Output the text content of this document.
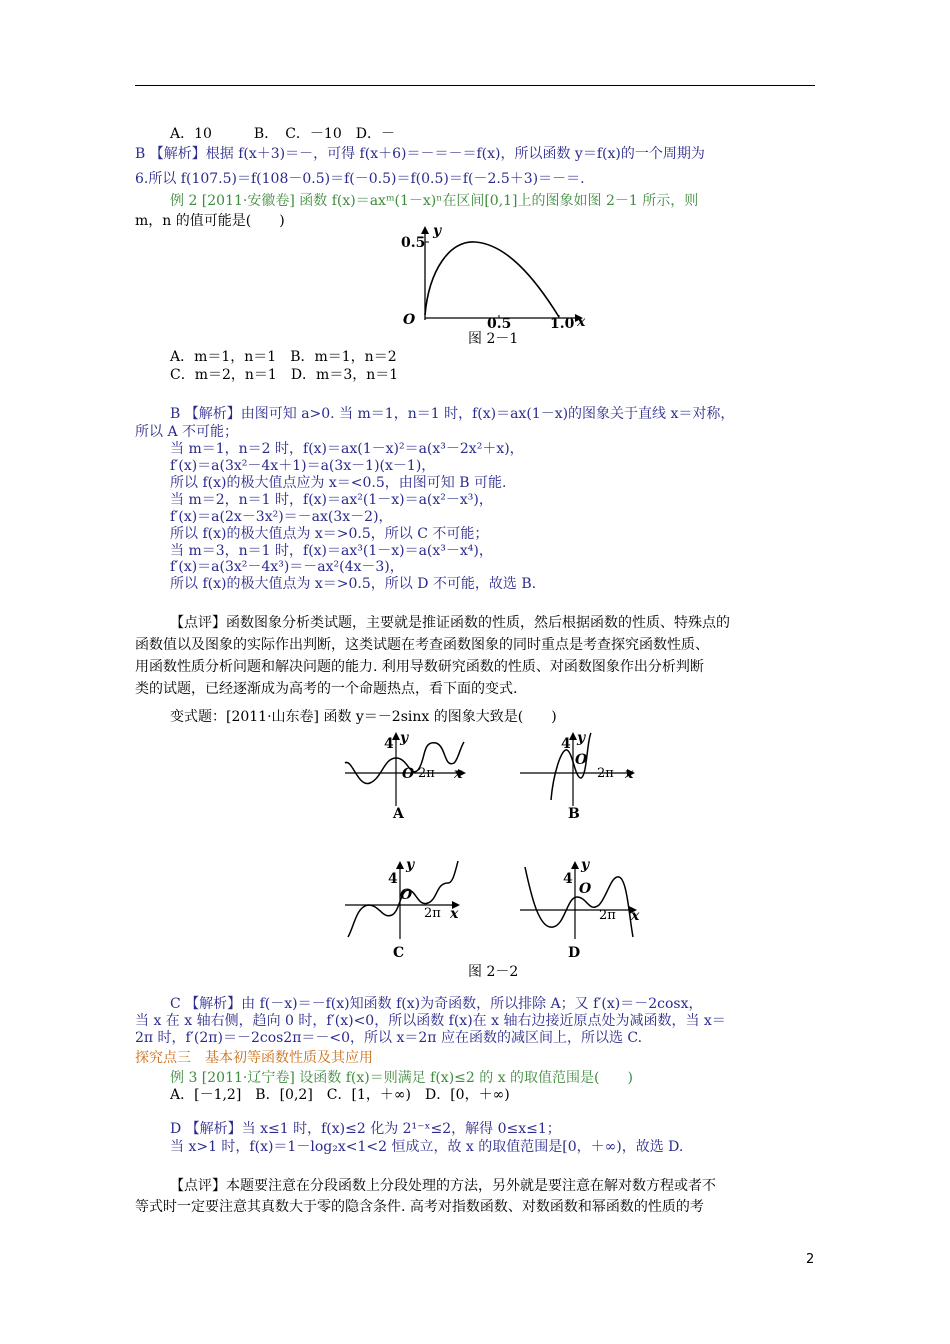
A．10　　　B．　C．－10　D．－
B 【解析】根据 f(x＋3)＝－，可得 f(x＋6)＝－＝－＝f(x)，所以函数 y＝f(x)的一个周期为
6.所以 f(107.5)＝f(108－0.5)＝f(－0.5)＝f(0.5)＝f(－2.5＋3)＝－＝.
例 2 [2011·安徽卷] 函数 f(x)＝axᵐ(1－x)ⁿ在区间[0,1]上的图象如图 2－1 所示，则
m，n 的值可能是(　　)
0.5
y
O	0.5	1.0 x
图 2－1
A．m＝1，n＝1　B．m＝1，n＝2
C．m＝2，n＝1　D．m＝3，n＝1
B 【解析】由图可知 a>0. 当 m＝1，n＝1 时，f(x)＝ax(1－x)的图象关于直线 x＝对称，
所以 A 不可能；
当 m＝1，n＝2 时，f(x)＝ax(1－x)²＝a(x³－2x²＋x)，
f′(x)＝a(3x²－4x＋1)＝a(3x－1)(x－1)，
所以 f(x)的极大值点应为 x＝<0.5，由图可知 B 可能.
当 m＝2，n＝1 时，f(x)＝ax²(1－x)＝a(x²－x³)，
f′(x)＝a(2x－3x²)＝－ax(3x－2)，
所以 f(x)的极大值点为 x＝>0.5，所以 C 不可能；
当 m＝3，n＝1 时，f(x)＝ax³(1－x)＝a(x³－x⁴)，
f′(x)＝a(3x²－4x³)＝－ax²(4x－3)，
所以 f(x)的极大值点为 x＝>0.5，所以 D 不可能，故选 B.
【点评】函数图象分析类试题，主要就是推证函数的性质，然后根据函数的性质、特殊点的
函数值以及图象的实际作出判断，这类试题在考查函数图象的同时重点是考查探究函数性质、
用函数性质分析问题和解决问题的能力. 利用导数研究函数的性质、对函数图象作出分析判断
类的试题，已经逐渐成为高考的一个命题热点，看下面的变式.
变式题：[2011·山东卷] 函数 y＝－2sinx 的图象大致是(　　)
4 y
O 2π x
A
4 y
O
2π x
B
4
y
O
2π x
C
4
y
O
2π x
D
图 2－2
C 【解析】由 f(－x)＝－f(x)知函数 f(x)为奇函数，所以排除 A；又 f′(x)＝－2cosx，
当 x 在 x 轴右侧，趋向 0 时，f′(x)<0，所以函数 f(x)在 x 轴右边接近原点处为减函数，当 x＝
2π 时，f′(2π)＝－2cos2π＝－<0，所以 x＝2π 应在函数的减区间上，所以选 C.
探究点三　基本初等函数性质及其应用
例 3 [2011·辽宁卷] 设函数 f(x)＝则满足 f(x)≤2 的 x 的取值范围是(　　)
A．[－1,2]　B．[0,2]　C．[1，＋∞)　D．[0，＋∞)
D 【解析】当 x≤1 时，f(x)≤2 化为 2¹⁻ˣ≤2，解得 0≤x≤1；
当 x>1 时，f(x)＝1－log₂x<1<2 恒成立，故 x 的取值范围是[0，＋∞)，故选 D.
【点评】本题要注意在分段函数上分段处理的方法，另外就是要注意在解对数方程或者不
等式时一定要注意其真数大于零的隐含条件. 高考对指数函数、对数函数和幂函数的性质的考
2
